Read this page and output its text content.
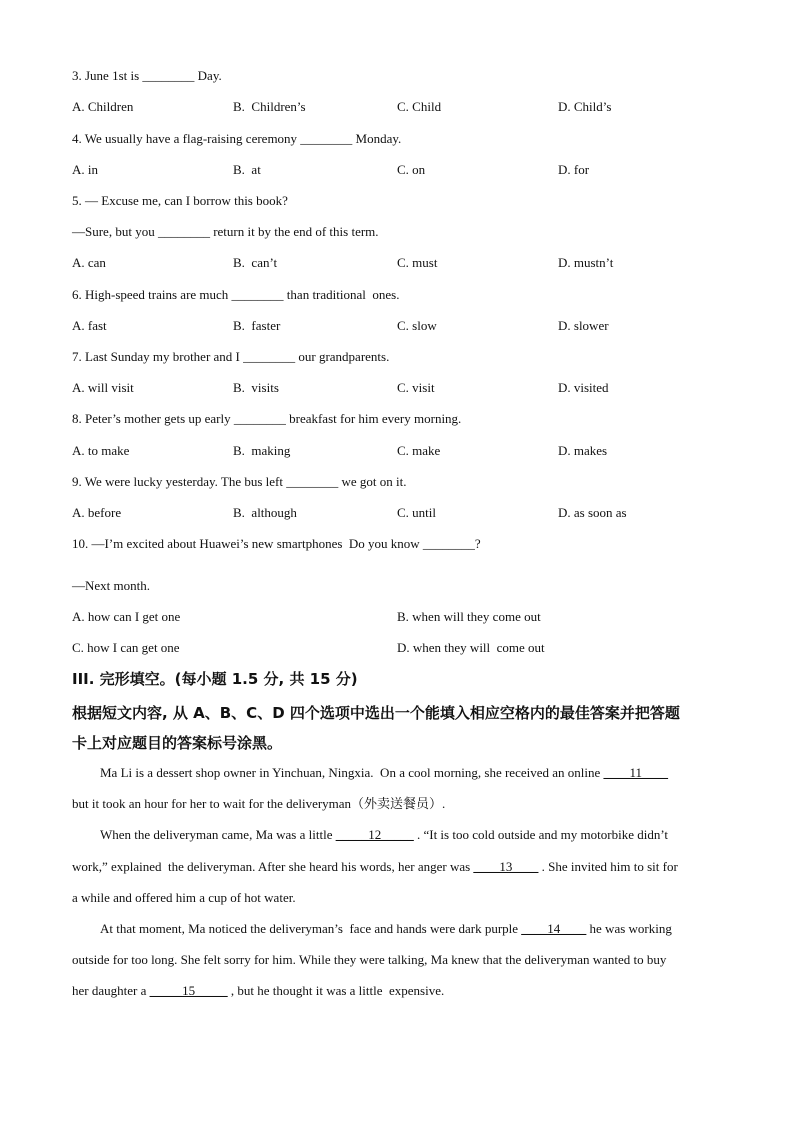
3. June 1st is ________ Day.
A. Children	B.  Children’s	C. Child	D. Child’s
4. We usually have a flag-raising ceremony ________ Monday.
A. in	B.  at	C. on	D. for
5. — Excuse me, can I borrow this book?
—Sure, but you ________ return it by the end of this term.
A. can	B.  can’t	C. must	D. mustn’t
6. High-speed trains are much ________ than traditional  ones.
A. fast	B.  faster	C. slow	D. slower
7. Last Sunday my brother and I ________ our grandparents.
A. will visit	B.  visits	C. visit	D. visited
8. Peter’s mother gets up early ________ breakfast for him every morning.
A. to make	B.  making	C. make	D. makes
9. We were lucky yesterday. The bus left ________ we got on it.
A. before	B.  although	C. until	D. as soon as
10. —I’m excited about Huawei’s new smartphones  Do you know ________?
—Next month.
A. how can I get one	B. when will they come out
C. how I can get one	D. when they will  come out
III. 完形填空。(每小题 1.5 分, 共 15 分)
根据短文内容, 从 A、B、C、D 四个选项中选出一个能填入相应空格内的最佳答案并把答题
卡上对应题目的答案标号涂黑。
Ma Li is a dessert shop owner in Yinchuan, Ningxia.  On a cool morning, she received an online ____11____
but it took an hour for her to wait for the deliveryman（外卖送餐员）.
When the deliveryman came, Ma was a little _____12_____ . “It is too cold outside and my motorbike didn’t
work,” explained  the deliveryman. After she heard his words, her anger was ____13____ . She invited him to sit for
a while and offered him a cup of hot water.
At that moment, Ma noticed the deliveryman’s  face and hands were dark purple ____14____ he was working
outside for too long. She felt sorry for him. While they were talking, Ma knew that the deliveryman wanted to buy
her daughter a _____15_____ , but he thought it was a little  expensive.
